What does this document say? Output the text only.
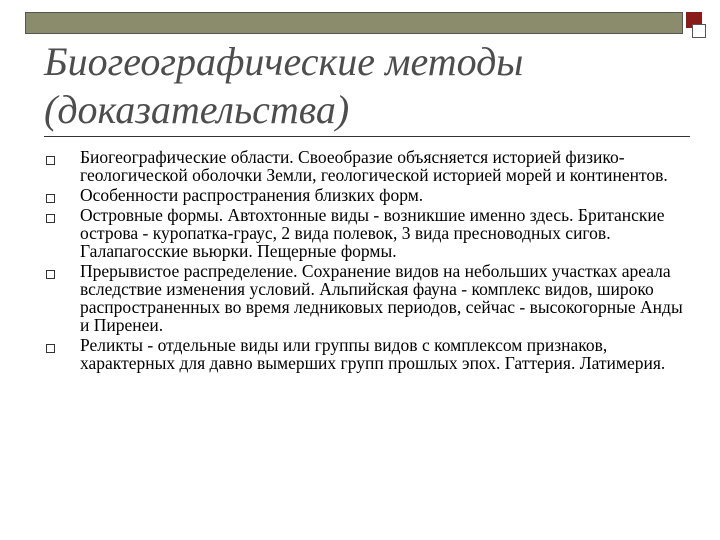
Биогеографические методы
(доказательства)
Биогеографические области. Своеобразие объясняется историей физико-геологической оболочки Земли, геологической историей морей и континентов.
Особенности распространения близких форм.
Островные формы. Автохтонные виды - возникшие именно здесь. Британские острова - куропатка-граус, 2 вида полевок, 3 вида пресноводных сигов. Галапагосские вьюрки. Пещерные формы.
Прерывистое распределение. Сохранение видов на небольших участках ареала вследствие изменения условий. Альпийская фауна - комплекс видов, широко распространенных во время ледниковых периодов, сейчас - высокогорные Анды и Пиренеи.
Реликты - отдельные виды или группы видов с комплексом признаков, характерных для давно вымерших групп прошлых эпох. Гаттерия. Латимерия.
